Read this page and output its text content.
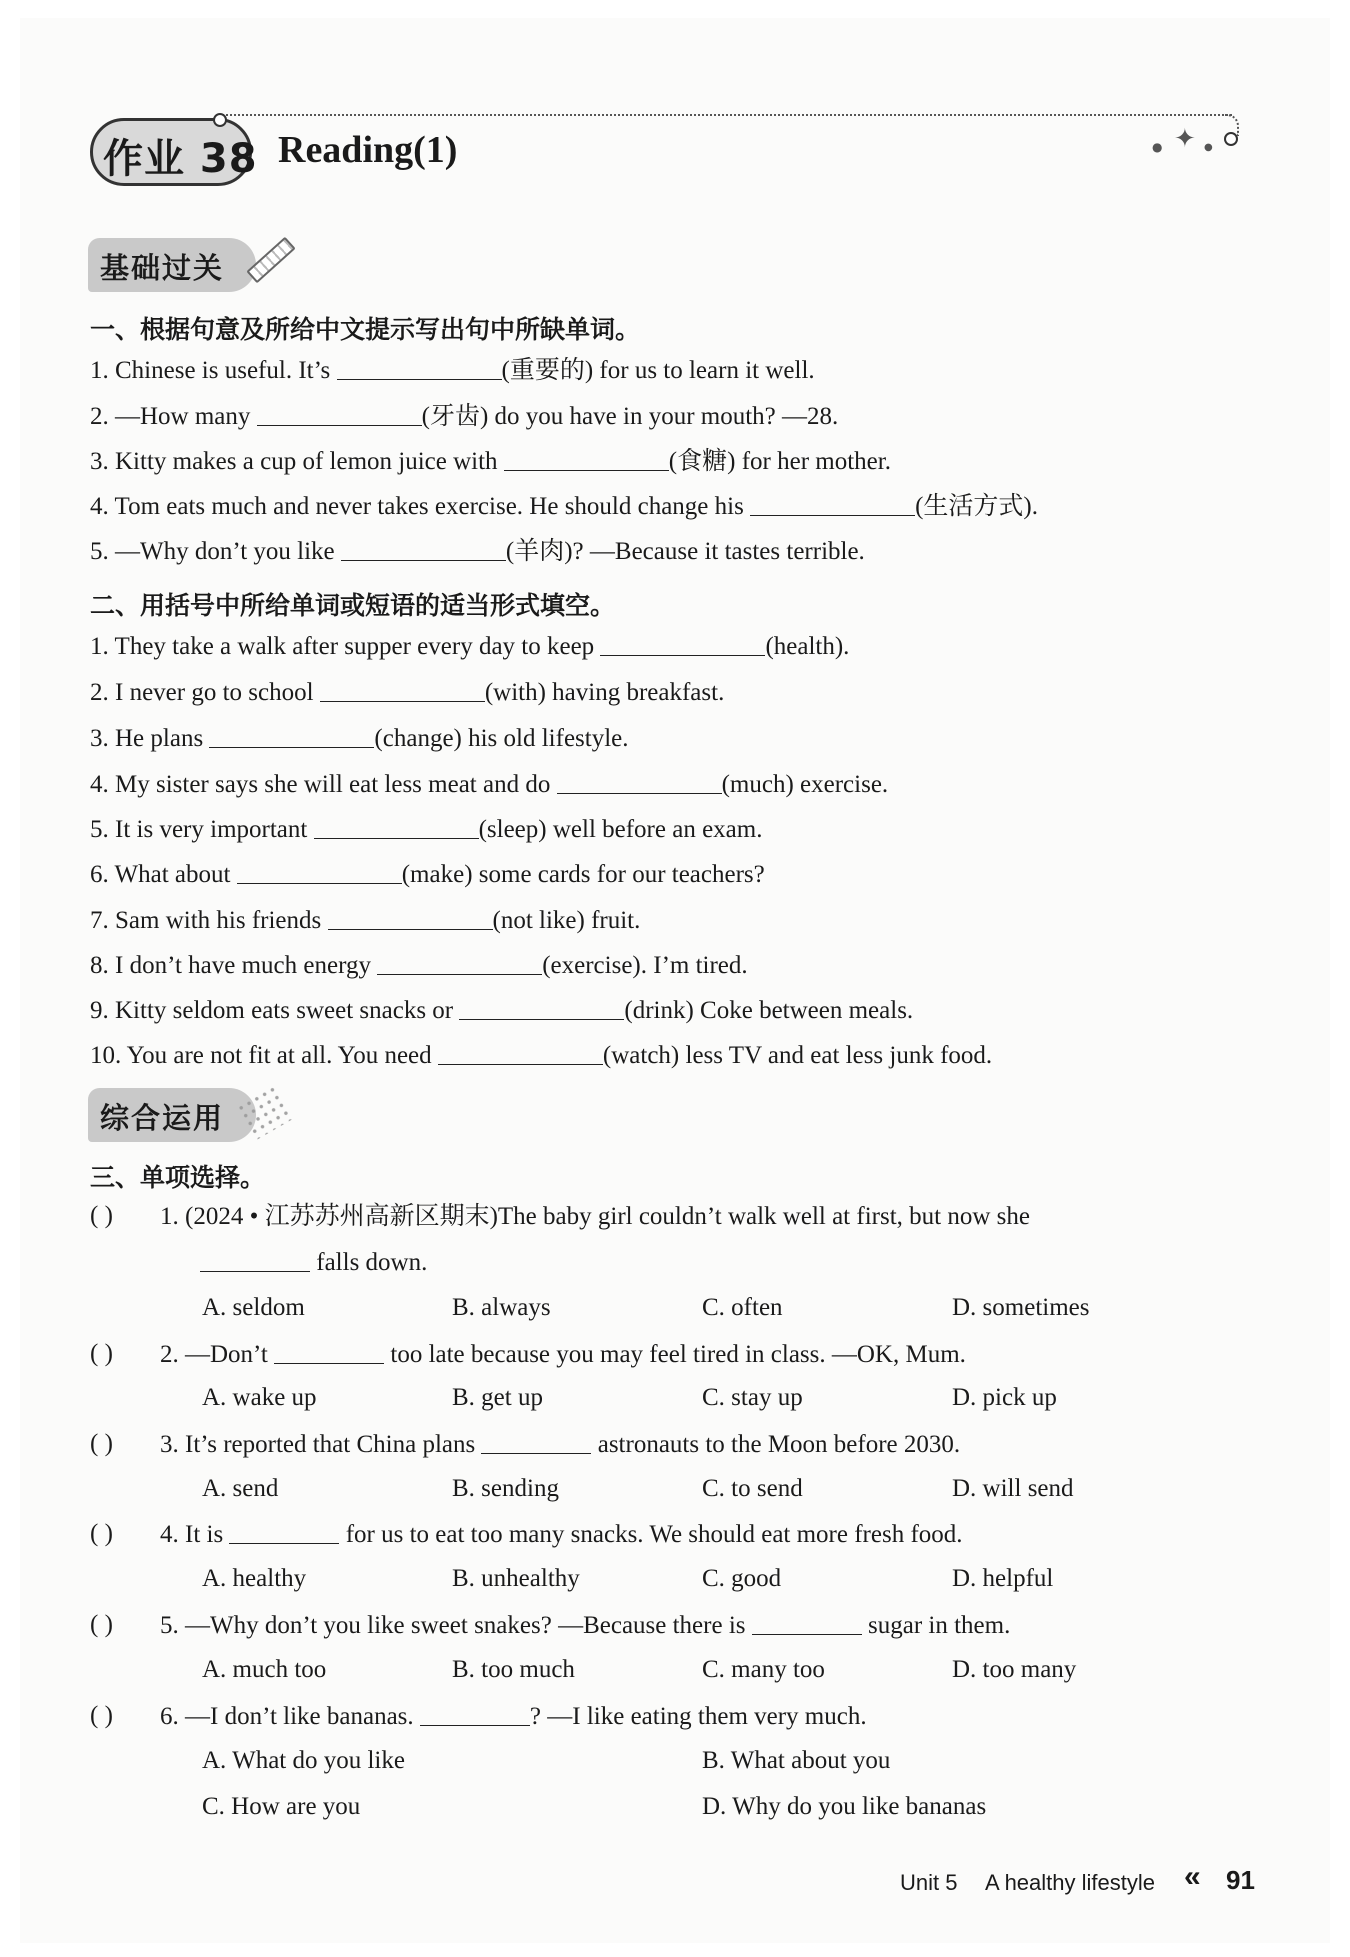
作业 38 Reading(1)	● ✦ ●
基础过关
一、根据句意及所给中文提示写出句中所缺单词。
1. Chinese is useful. It’s	(重要的) for us to learn it well.
2. —How many	(牙齿) do you have in your mouth? —28.
3. Kitty makes a cup of lemon juice with	(食糖) for her mother.
4. Tom eats much and never takes exercise. He should change his	(生活方式).
5. —Why don’t you like	(羊肉)? —Because it tastes terrible.
二、用括号中所给单词或短语的适当形式填空。
1. They take a walk after supper every day to keep	(health).
2. I never go to school	(with) having breakfast.
3. He plans	(change) his old lifestyle.
4. My sister says she will eat less meat and do	(much) exercise.
5. It is very important	(sleep) well before an exam.
6. What about	(make) some cards for our teachers?
7. Sam with his friends	(not like) fruit.
8. I don’t have much energy	(exercise). I’m tired.
9. Kitty seldom eats sweet snacks or	(drink) Coke between meals.
10. You are not fit at all. You need	(watch) less TV and eat less junk food.
综合运用
三、单项选择。
( ) 1. (2024 • 江苏苏州高新区期末)The baby girl couldn’t walk well at first, but now she
falls down.
A. seldom	B. always	C. often	D. sometimes
( ) 2. —Don’t	too late because you may feel tired in class. —OK, Mum.
A. wake up	B. get up	C. stay up	D. pick up
( ) 3. It’s reported that China plans	astronauts to the Moon before 2030.
A. send	B. sending	C. to send	D. will send
( ) 4. It is	for us to eat too many snacks. We should eat more fresh food.
A. healthy	B. unhealthy	C. good	D. helpful
( ) 5. —Why don’t you like sweet snakes? —Because there is	sugar in them.
A. much too	B. too much	C. many too	D. too many
( ) 6. —I don’t like bananas.	? —I like eating them very much.
A. What do you like	B. What about you
C. How are you	D. Why do you like bananas
Unit 5 A healthy lifestyle « 91
